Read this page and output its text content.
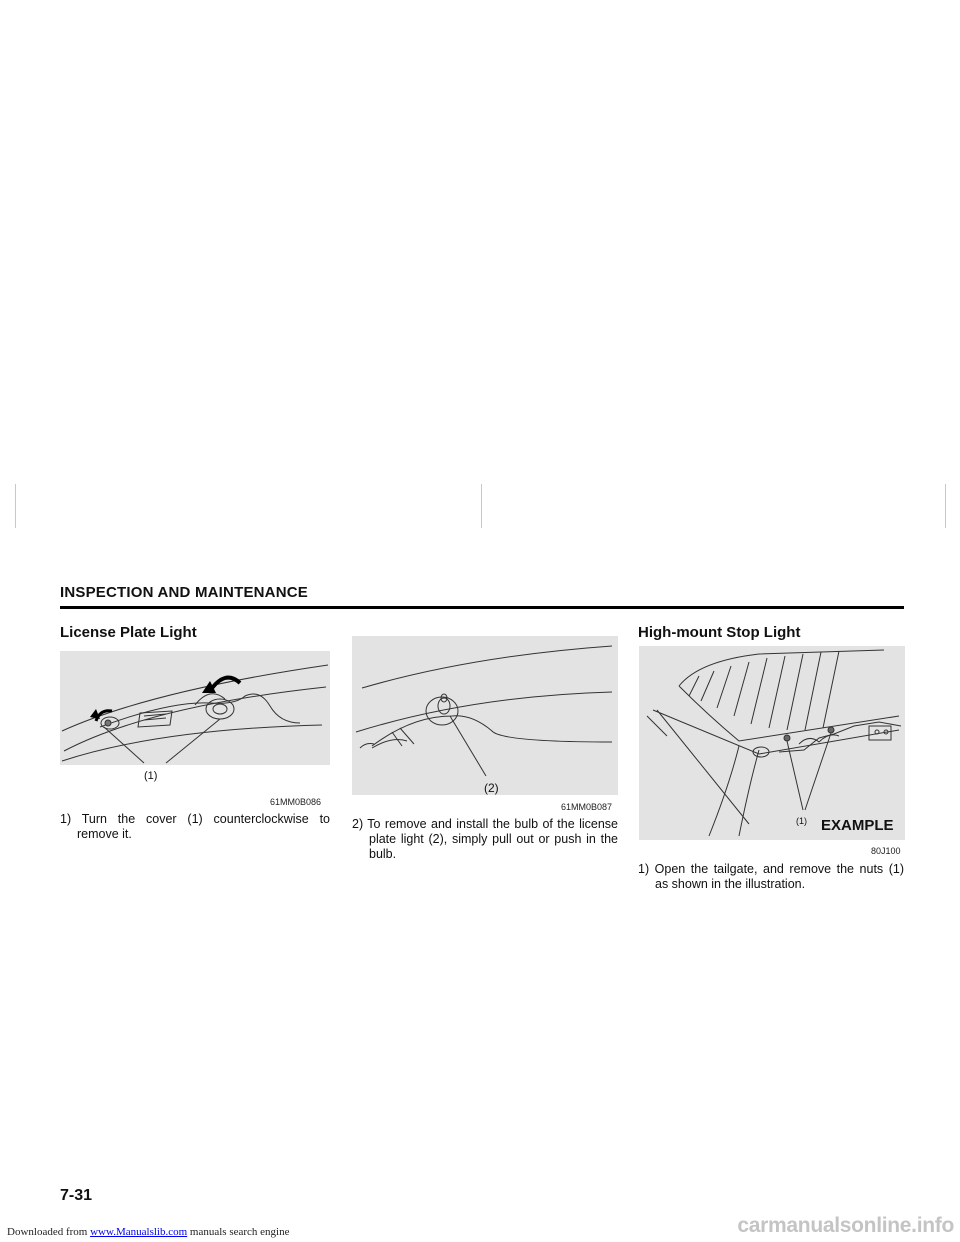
INSPECTION AND MAINTENANCE
License Plate Light
(1)
61MM0B086
1) Turn the cover (1) counterclockwise to remove it.
(2)
61MM0B087
2) To remove and install the bulb of the license plate light (2), simply pull out or push in the bulb.
High-mount Stop Light
(1) EXAMPLE
80J100
1) Open the tailgate, and remove the nuts (1) as shown in the illustration.
7-31
Downloaded from www.Manualslib.com manuals search engine	carmanualsonline.info
